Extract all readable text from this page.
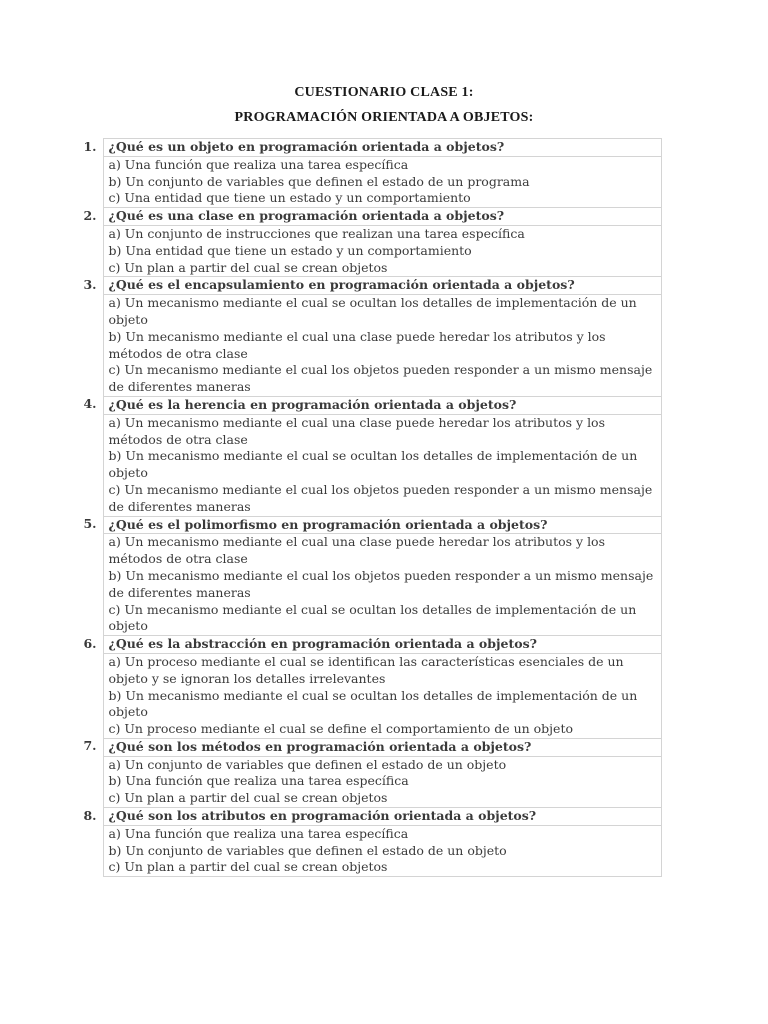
CUESTIONARIO CLASE 1:
PROGRAMACIÓN ORIENTADA A OBJETOS:
1.	¿Qué es un objeto en programación orientada a objetos?

	a) Una función que realiza una tarea específica
b) Un conjunto de variables que definen el estado de un programa
c) Una entidad que tiene un estado y un comportamiento

2.	¿Qué es una clase en programación orientada a objetos?

	a) Un conjunto de instrucciones que realizan una tarea específica
b) Una entidad que tiene un estado y un comportamiento
c) Un plan a partir del cual se crean objetos

3.	¿Qué es el encapsulamiento en programación orientada a objetos?

	a) Un mecanismo mediante el cual se ocultan los detalles de implementación de un objeto
b) Un mecanismo mediante el cual una clase puede heredar los atributos y los métodos de otra clase
c) Un mecanismo mediante el cual los objetos pueden responder a un mismo mensaje de diferentes maneras

4.	¿Qué es la herencia en programación orientada a objetos?

	a) Un mecanismo mediante el cual una clase puede heredar los atributos y los métodos de otra clase
b) Un mecanismo mediante el cual se ocultan los detalles de implementación de un objeto
c) Un mecanismo mediante el cual los objetos pueden responder a un mismo mensaje de diferentes maneras

5.	¿Qué es el polimorfismo en programación orientada a objetos?

	a) Un mecanismo mediante el cual una clase puede heredar los atributos y los métodos de otra clase
b) Un mecanismo mediante el cual los objetos pueden responder a un mismo mensaje de diferentes maneras
c) Un mecanismo mediante el cual se ocultan los detalles de implementación de un objeto

6.	¿Qué es la abstracción en programación orientada a objetos?

	a) Un proceso mediante el cual se identifican las características esenciales de un objeto y se ignoran los detalles irrelevantes
b) Un mecanismo mediante el cual se ocultan los detalles de implementación de un objeto
c) Un proceso mediante el cual se define el comportamiento de un objeto

7.	¿Qué son los métodos en programación orientada a objetos?

	a) Un conjunto de variables que definen el estado de un objeto
b) Una función que realiza una tarea específica
c) Un plan a partir del cual se crean objetos

8.	¿Qué son los atributos en programación orientada a objetos?

	a) Una función que realiza una tarea específica
b) Un conjunto de variables que definen el estado de un objeto
c) Un plan a partir del cual se crean objetos
